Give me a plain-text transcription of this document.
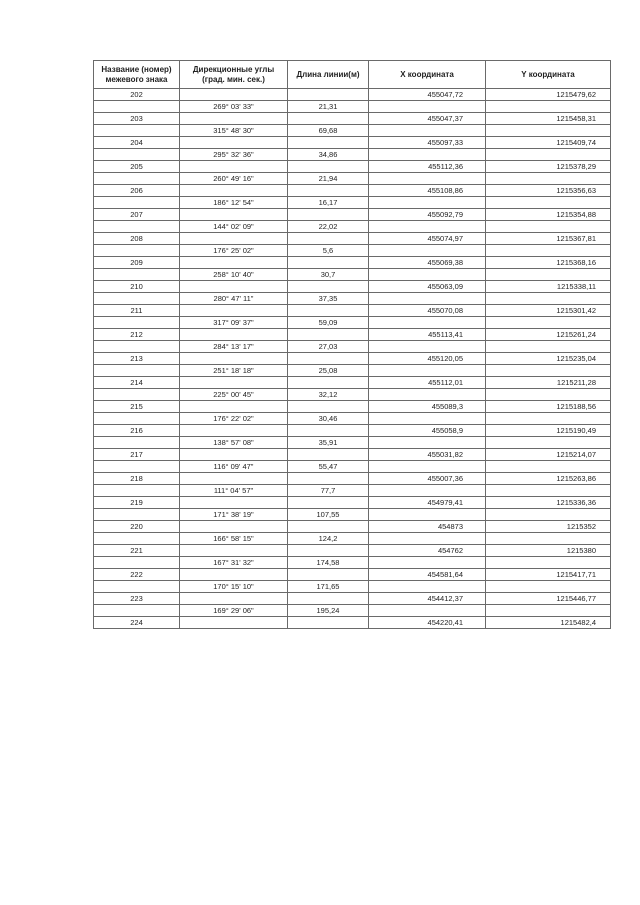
Название (номер) межевого знака	Дирекционные углы (град. мин. сек.)	Длина линии(м)	X координата	Y координата
202			455047,72	1215479,62
	269° 03' 33"	21,31		
203			455047,37	1215458,31
	315° 48' 30"	69,68		
204			455097,33	1215409,74
	295° 32' 36"	34,86		
205			455112,36	1215378,29
	260° 49' 16"	21,94		
206			455108,86	1215356,63
	186° 12' 54"	16,17		
207			455092,79	1215354,88
	144° 02' 09"	22,02		
208			455074,97	1215367,81
	176° 25' 02"	5,6		
209			455069,38	1215368,16
	258° 10' 40"	30,7		
210			455063,09	1215338,11
	280° 47' 11"	37,35		
211			455070,08	1215301,42
	317° 09' 37"	59,09		
212			455113,41	1215261,24
	284° 13' 17"	27,03		
213			455120,05	1215235,04
	251° 18' 18"	25,08		
214			455112,01	1215211,28
	225° 00' 45"	32,12		
215			455089,3	1215188,56
	176° 22' 02"	30,46		
216			455058,9	1215190,49
	138° 57' 08"	35,91		
217			455031,82	1215214,07
	116° 09' 47"	55,47		
218			455007,36	1215263,86
	111° 04' 57"	77,7		
219			454979,41	1215336,36
	171° 38' 19"	107,55		
220			454873	1215352
	166° 58' 15"	124,2		
221			454762	1215380
	167° 31' 32"	174,58		
222			454581,64	1215417,71
	170° 15' 10"	171,65		
223			454412,37	1215446,77
	169° 29' 06"	195,24		
224			454220,41	1215482,4
